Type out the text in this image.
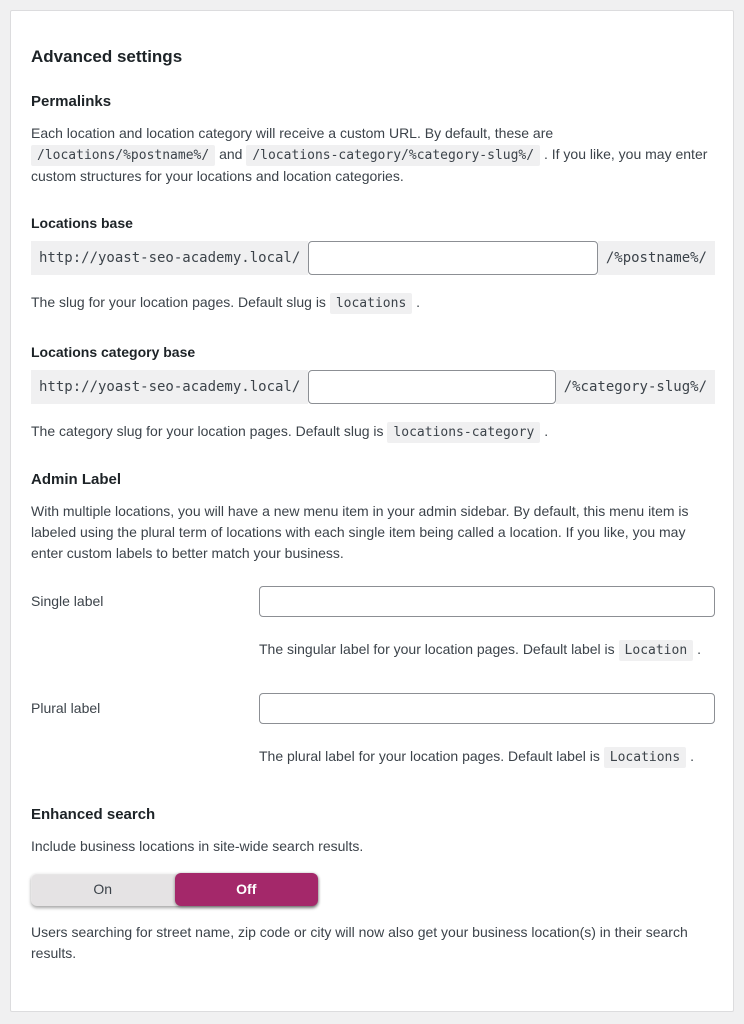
Advanced settings
Permalinks

Each location and location category will receive a custom URL. By default, these are /locations/%postname%/ and /locations-category/%category-slug%/ . If you like, you may enter custom structures for your locations and location categories.

Locations base
http://yoast-seo-academy.local/	/%postname%/

The slug for your location pages. Default slug is locations .

Locations category base
http://yoast-seo-academy.local/	/%category-slug%/

The category slug for your location pages. Default slug is locations-category .

Admin Label

With multiple locations, you will have a new menu item in your admin sidebar. By default, this menu item is labeled using the plural term of locations with each single item being called a location. If you like, you may enter custom labels to better match your business.

Single label

The singular label for your location pages. Default label is Location .

Plural label

The plural label for your location pages. Default label is Locations .

Enhanced search

Include business locations in site-wide search results.

On	Off

Users searching for street name, zip code or city will now also get your business location(s) in their search results.
